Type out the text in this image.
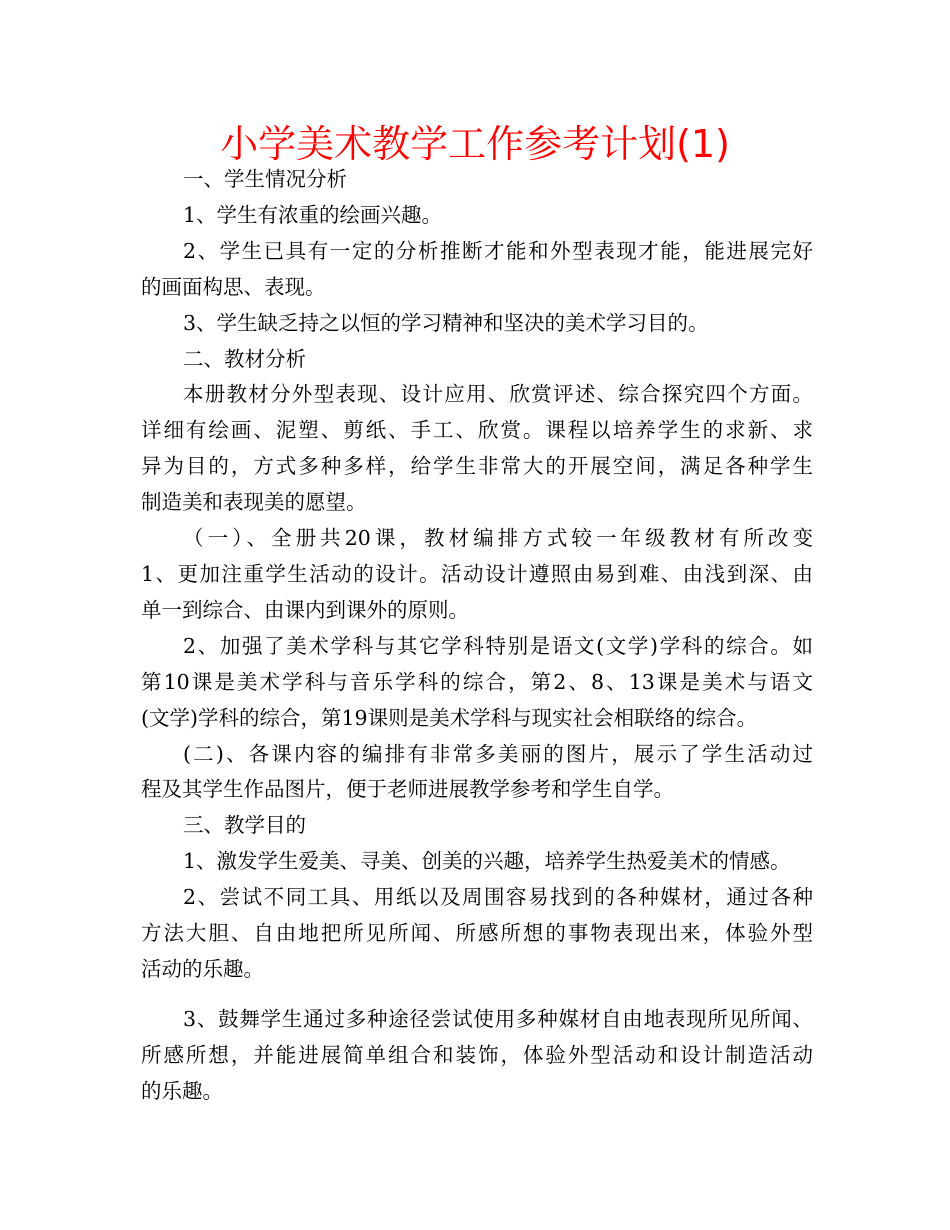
小学美术教学工作参考计划(1)
一、学生情况分析
1、学生有浓重的绘画兴趣。
2、学生已具有一定的分析推断才能和外型表现才能，能进展完好
的画面构思、表现。
3、学生缺乏持之以恒的学习精神和坚决的美术学习目的。
二、教材分析
本册教材分外型表现、设计应用、欣赏评述、综合探究四个方面。
详细有绘画、泥塑、剪纸、手工、欣赏。课程以培养学生的求新、求
异为目的，方式多种多样，给学生非常大的开展空间，满足各种学生
制造美和表现美的愿望。
（一）、全册共20课，教材编排方式较一年级教材有所改变
1、更加注重学生活动的设计。活动设计遵照由易到难、由浅到深、由
单一到综合、由课内到课外的原则。
2、加强了美术学科与其它学科特别是语文(文学)学科的综合。如
第10课是美术学科与音乐学科的综合，第2、8、13课是美术与语文
(文学)学科的综合，第19课则是美术学科与现实社会相联络的综合。
(二)、各课内容的编排有非常多美丽的图片，展示了学生活动过
程及其学生作品图片，便于老师进展教学参考和学生自学。
三、教学目的
1、激发学生爱美、寻美、创美的兴趣，培养学生热爱美术的情感。
2、尝试不同工具、用纸以及周围容易找到的各种媒材，通过各种
方法大胆、自由地把所见所闻、所感所想的事物表现出来，体验外型
活动的乐趣。

3、鼓舞学生通过多种途径尝试使用多种媒材自由地表现所见所闻、
所感所想，并能进展简单组合和装饰，体验外型活动和设计制造活动
的乐趣。
